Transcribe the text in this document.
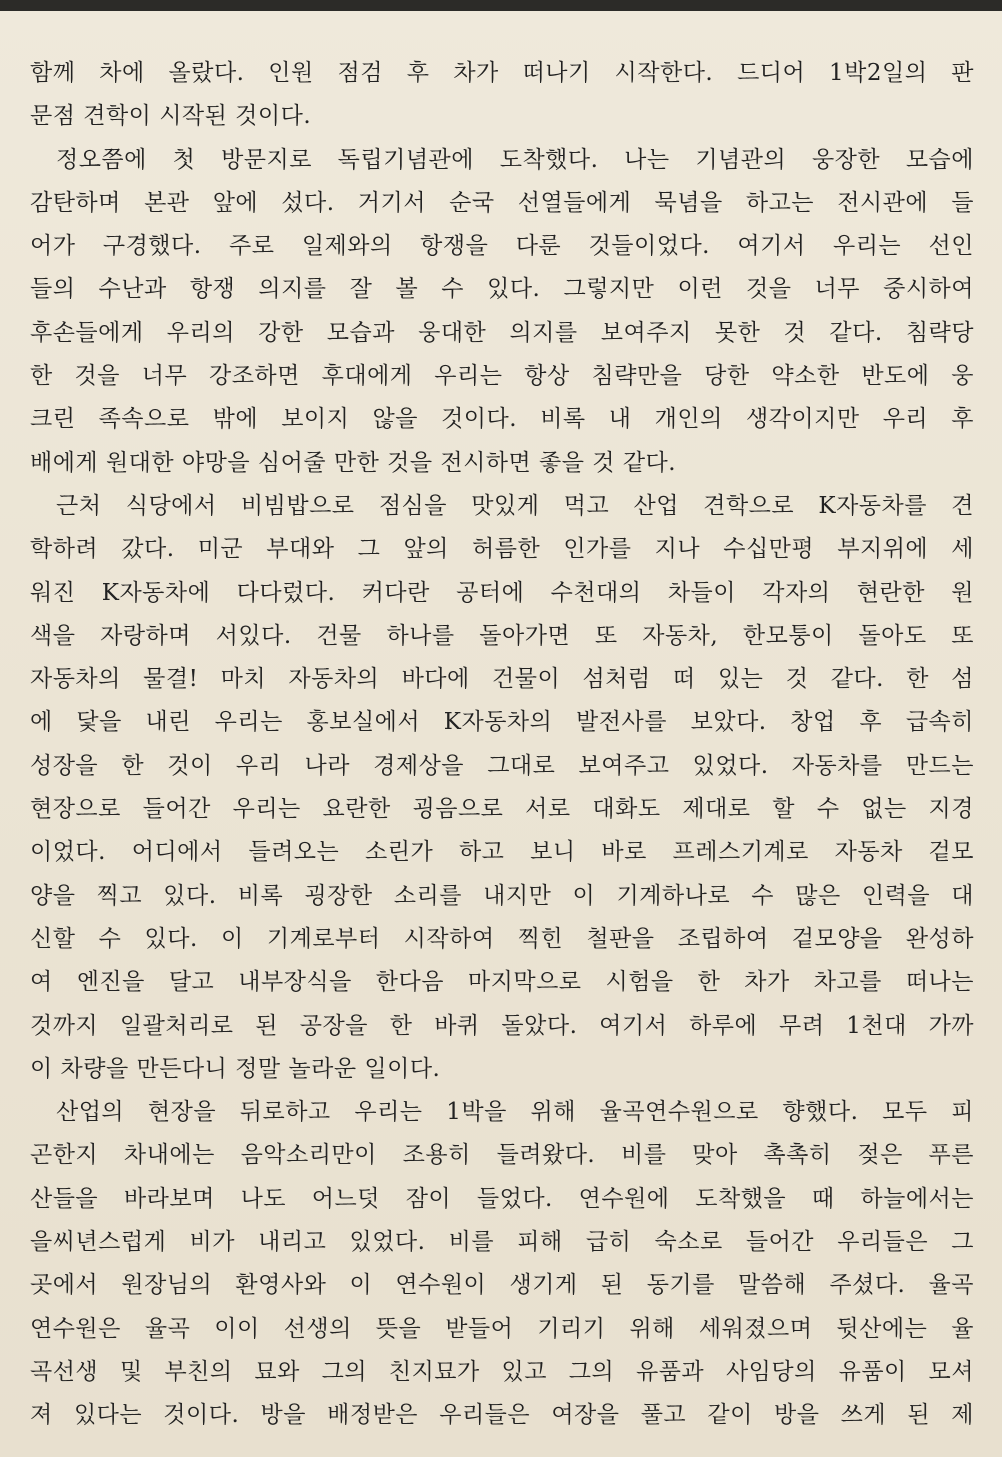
함께 차에 올랐다. 인원 점검 후 차가 떠나기 시작한다. 드디어 1박2일의 판
문점 견학이 시작된 것이다.
정오쯤에 첫 방문지로 독립기념관에 도착했다. 나는 기념관의 웅장한 모습에
감탄하며 본관 앞에 섰다. 거기서 순국 선열들에게 묵념을 하고는 전시관에 들
어가 구경했다. 주로 일제와의 항쟁을 다룬 것들이었다. 여기서 우리는 선인
들의 수난과 항쟁 의지를 잘 볼 수 있다. 그렇지만 이런 것을 너무 중시하여
후손들에게 우리의 강한 모습과 웅대한 의지를 보여주지 못한 것 같다. 침략당
한 것을 너무 강조하면 후대에게 우리는 항상 침략만을 당한 약소한 반도에 웅
크린 족속으로 밖에 보이지 않을 것이다. 비록 내 개인의 생각이지만 우리 후
배에게 원대한 야망을 심어줄 만한 것을 전시하면 좋을 것 같다.
근처 식당에서 비빔밥으로 점심을 맛있게 먹고 산업 견학으로 K자동차를 견
학하려 갔다. 미군 부대와 그 앞의 허름한 인가를 지나 수십만평 부지위에 세
워진 K자동차에 다다렀다. 커다란 공터에 수천대의 차들이 각자의 현란한 원
색을 자랑하며 서있다. 건물 하나를 돌아가면 또 자동차, 한모퉁이 돌아도 또
자동차의 물결! 마치 자동차의 바다에 건물이 섬처럼 떠 있는 것 같다. 한 섬
에 닻을 내린 우리는 홍보실에서 K자동차의 발전사를 보았다. 창업 후 급속히
성장을 한 것이 우리 나라 경제상을 그대로 보여주고 있었다. 자동차를 만드는
현장으로 들어간 우리는 요란한 굉음으로 서로 대화도 제대로 할 수 없는 지경
이었다. 어디에서 들려오는 소린가 하고 보니 바로 프레스기계로 자동차 겉모
양을 찍고 있다. 비록 굉장한 소리를 내지만 이 기계하나로 수 많은 인력을 대
신할 수 있다. 이 기계로부터 시작하여 찍힌 철판을 조립하여 겉모양을 완성하
여 엔진을 달고 내부장식을 한다음 마지막으로 시험을 한 차가 차고를 떠나는
것까지 일괄처리로 된 공장을 한 바퀴 돌았다. 여기서 하루에 무려 1천대 가까
이 차량을 만든다니 정말 놀라운 일이다.
산업의 현장을 뒤로하고 우리는 1박을 위해 율곡연수원으로 향했다. 모두 피
곤한지 차내에는 음악소리만이 조용히 들려왔다. 비를 맞아 촉촉히 젖은 푸른
산들을 바라보며 나도 어느덧 잠이 들었다. 연수원에 도착했을 때 하늘에서는
을씨년스럽게 비가 내리고 있었다. 비를 피해 급히 숙소로 들어간 우리들은 그
곳에서 원장님의 환영사와 이 연수원이 생기게 된 동기를 말씀해 주셨다. 율곡
연수원은 율곡 이이 선생의 뜻을 받들어 기리기 위해 세워졌으며 뒷산에는 율
곡선생 및 부친의 묘와 그의 친지묘가 있고 그의 유품과 사임당의 유품이 모셔
져 있다는 것이다. 방을 배정받은 우리들은 여장을 풀고 같이 방을 쓰게 된 제
